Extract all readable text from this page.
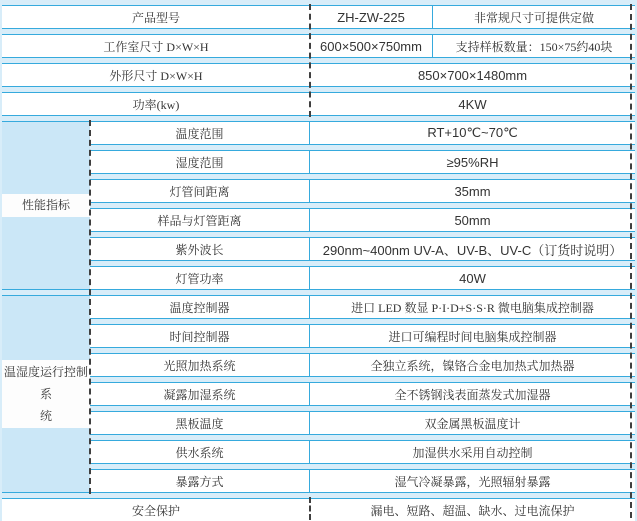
产品型号		ZH-ZW-225	非常规尺寸可提供定做
工作室尺寸 D×W×H		600×500×750mm	支持样板数量：150×75约40块
外形尺寸 D×W×H		850×700×1480mm	
功率(kw)		4KW	

性能指标	温度范围	RT+10℃~70℃	
	湿度范围	≥95%RH	
	灯管间距离	35mm	
	样品与灯管距离	50mm	
	紫外波长	290nm~400nm UV-A、UV-B、UV-C（订货时说明）	
	灯管功率	40W	

温湿度运行控制系
统	温度控制器	进口 LED 数显 P·I·D+S·S·R 微电脑集成控制器	
	时间控制器	进口可编程时间电脑集成控制器	
	光照加热系统	全独立系统，镍铬合金电加热式加热器	
	凝露加湿系统	全不锈钢浅表面蒸发式加湿器	
	黑板温度	双金属黑板温度计	
	供水系统	加湿供水采用自动控制	
	暴露方式	湿气冷凝暴露，光照辐射暴露	
安全保护		漏电、短路、超温、缺水、过电流保护	
